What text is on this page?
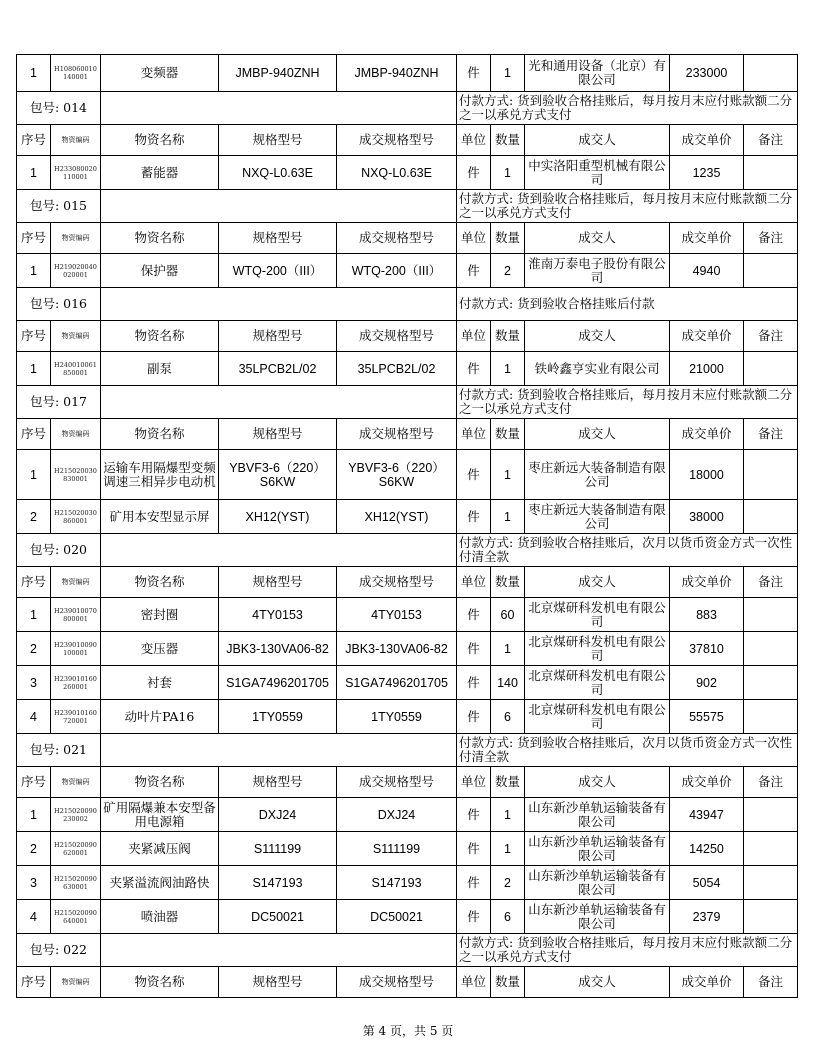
1	H108060010140001	变频器	JMBP-940ZNH	JMBP-940ZNH	件	1	光和通用设备（北京）有限公司	233000	
包号: 014					付款方式: 货到验收合格挂账后，每月按月末应付账款额二分之一以承兑方式支付				
序号	物资编码	物资名称	规格型号	成交规格型号	单位	数量	成交人	成交单价	备注
1	H233080020110001	蓄能器	NXQ-L0.63E	NXQ-L0.63E	件	1	中实洛阳重型机械有限公司	1235	
包号: 015					付款方式: 货到验收合格挂账后，每月按月末应付账款额二分之一以承兑方式支付				
序号	物资编码	物资名称	规格型号	成交规格型号	单位	数量	成交人	成交单价	备注
1	H219020040020001	保护器	WTQ-200（III）	WTQ-200（III）	件	2	淮南万泰电子股份有限公司	4940	
包号: 016					付款方式: 货到验收合格挂账后付款				
序号	物资编码	物资名称	规格型号	成交规格型号	单位	数量	成交人	成交单价	备注
1	H240010061850001	副泵	35LPCB2L/02	35LPCB2L/02	件	1	铁岭鑫亨实业有限公司	21000	
包号: 017					付款方式: 货到验收合格挂账后，每月按月末应付账款额二分之一以承兑方式支付				
序号	物资编码	物资名称	规格型号	成交规格型号	单位	数量	成交人	成交单价	备注
1	H215020030830001	运输车用隔爆型变频调速三相异步电动机	YBVF3-6（220）S6KW	YBVF3-6（220）S6KW	件	1	枣庄新远大装备制造有限公司	18000	
2	H215020030860001	矿用本安型显示屏	XH12(YST)	XH12(YST)	件	1	枣庄新远大装备制造有限公司	38000	
包号: 020					付款方式: 货到验收合格挂账后，次月以货币资金方式一次性付清全款				
序号	物资编码	物资名称	规格型号	成交规格型号	单位	数量	成交人	成交单价	备注
1	H239010070800001	密封圈	4TY0153	4TY0153	件	60	北京煤研科发机电有限公司	883	
2	H239010090100001	变压器	JBK3-130VA06-82	JBK3-130VA06-82	件	1	北京煤研科发机电有限公司	37810	
3	H239010160260001	衬套	S1GA7496201705	S1GA7496201705	件	140	北京煤研科发机电有限公司	902	
4	H239010160720001	动叶片PA16	1TY0559	1TY0559	件	6	北京煤研科发机电有限公司	55575	
包号: 021					付款方式: 货到验收合格挂账后，次月以货币资金方式一次性付清全款				
序号	物资编码	物资名称	规格型号	成交规格型号	单位	数量	成交人	成交单价	备注
1	H215020090230002	矿用隔爆兼本安型备用电源箱	DXJ24	DXJ24	件	1	山东新沙单轨运输装备有限公司	43947	
2	H215020090620001	夹紧减压阀	S111199	S111199	件	1	山东新沙单轨运输装备有限公司	14250	
3	H215020090630001	夹紧溢流阀油路快	S147193	S147193	件	2	山东新沙单轨运输装备有限公司	5054	
4	H215020090640001	喷油器	DC50021	DC50021	件	6	山东新沙单轨运输装备有限公司	2379	
包号: 022					付款方式: 货到验收合格挂账后，每月按月末应付账款额二分之一以承兑方式支付				
序号	物资编码	物资名称	规格型号	成交规格型号	单位	数量	成交人	成交单价	备注
第 4 页，共 5 页
